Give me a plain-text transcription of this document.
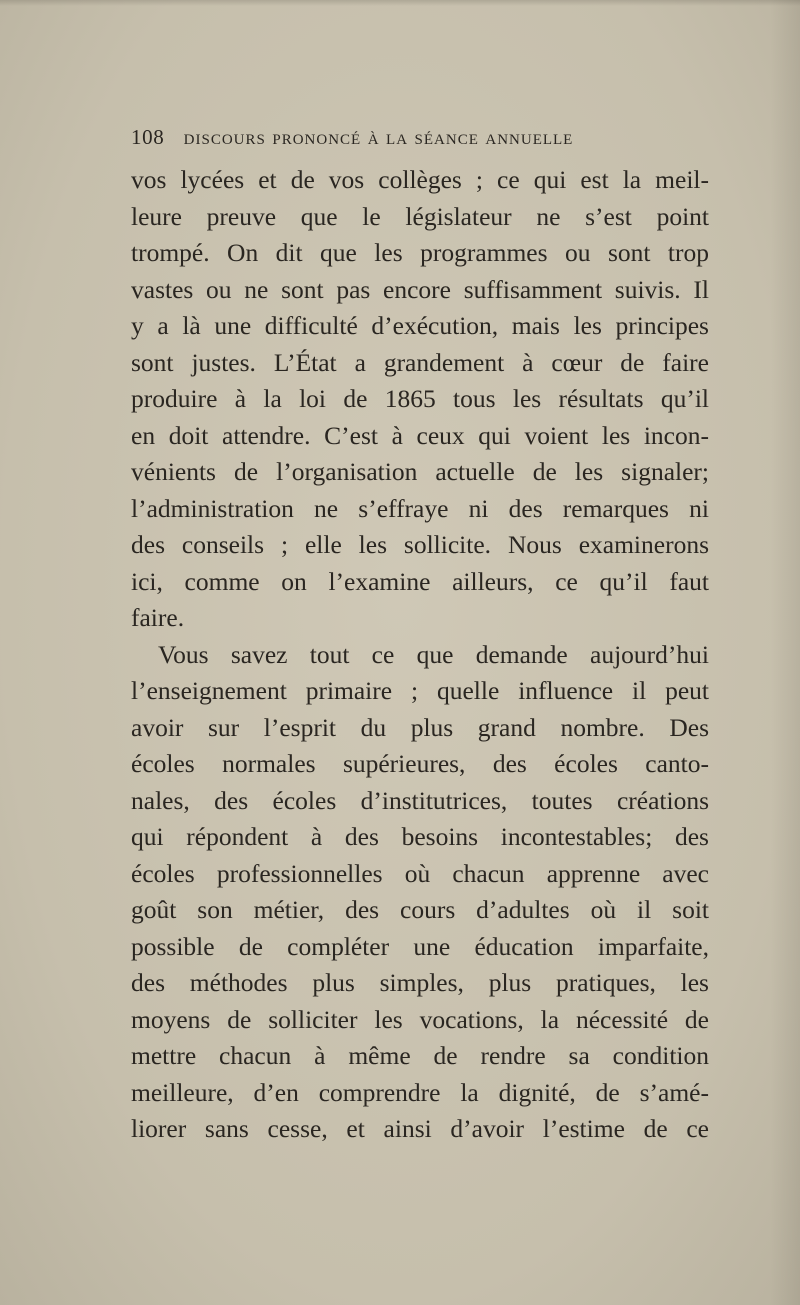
108 discours prononcé à la séance annuelle
vos lycées et de vos collèges ; ce qui est la meil-
leure preuve que le législateur ne s’est point
trompé. On dit que les programmes ou sont trop
vastes ou ne sont pas encore suffisamment suivis. Il
y a là une difficulté d’exécution, mais les principes
sont justes. L’État a grandement à cœur de faire
produire à la loi de 1865 tous les résultats qu’il
en doit attendre. C’est à ceux qui voient les incon-
vénients de l’organisation actuelle de les signaler;
l’administration ne s’effraye ni des remarques ni
des conseils ; elle les sollicite. Nous examinerons
ici, comme on l’examine ailleurs, ce qu’il faut
faire.
Vous savez tout ce que demande aujourd’hui
l’enseignement primaire ; quelle influence il peut
avoir sur l’esprit du plus grand nombre. Des
écoles normales supérieures, des écoles canto-
nales, des écoles d’institutrices, toutes créations
qui répondent à des besoins incontestables; des
écoles professionnelles où chacun apprenne avec
goût son métier, des cours d’adultes où il soit
possible de compléter une éducation imparfaite,
des méthodes plus simples, plus pratiques, les
moyens de solliciter les vocations, la nécessité de
mettre chacun à même de rendre sa condition
meilleure, d’en comprendre la dignité, de s’amé-
liorer sans cesse, et ainsi d’avoir l’estime de ce
